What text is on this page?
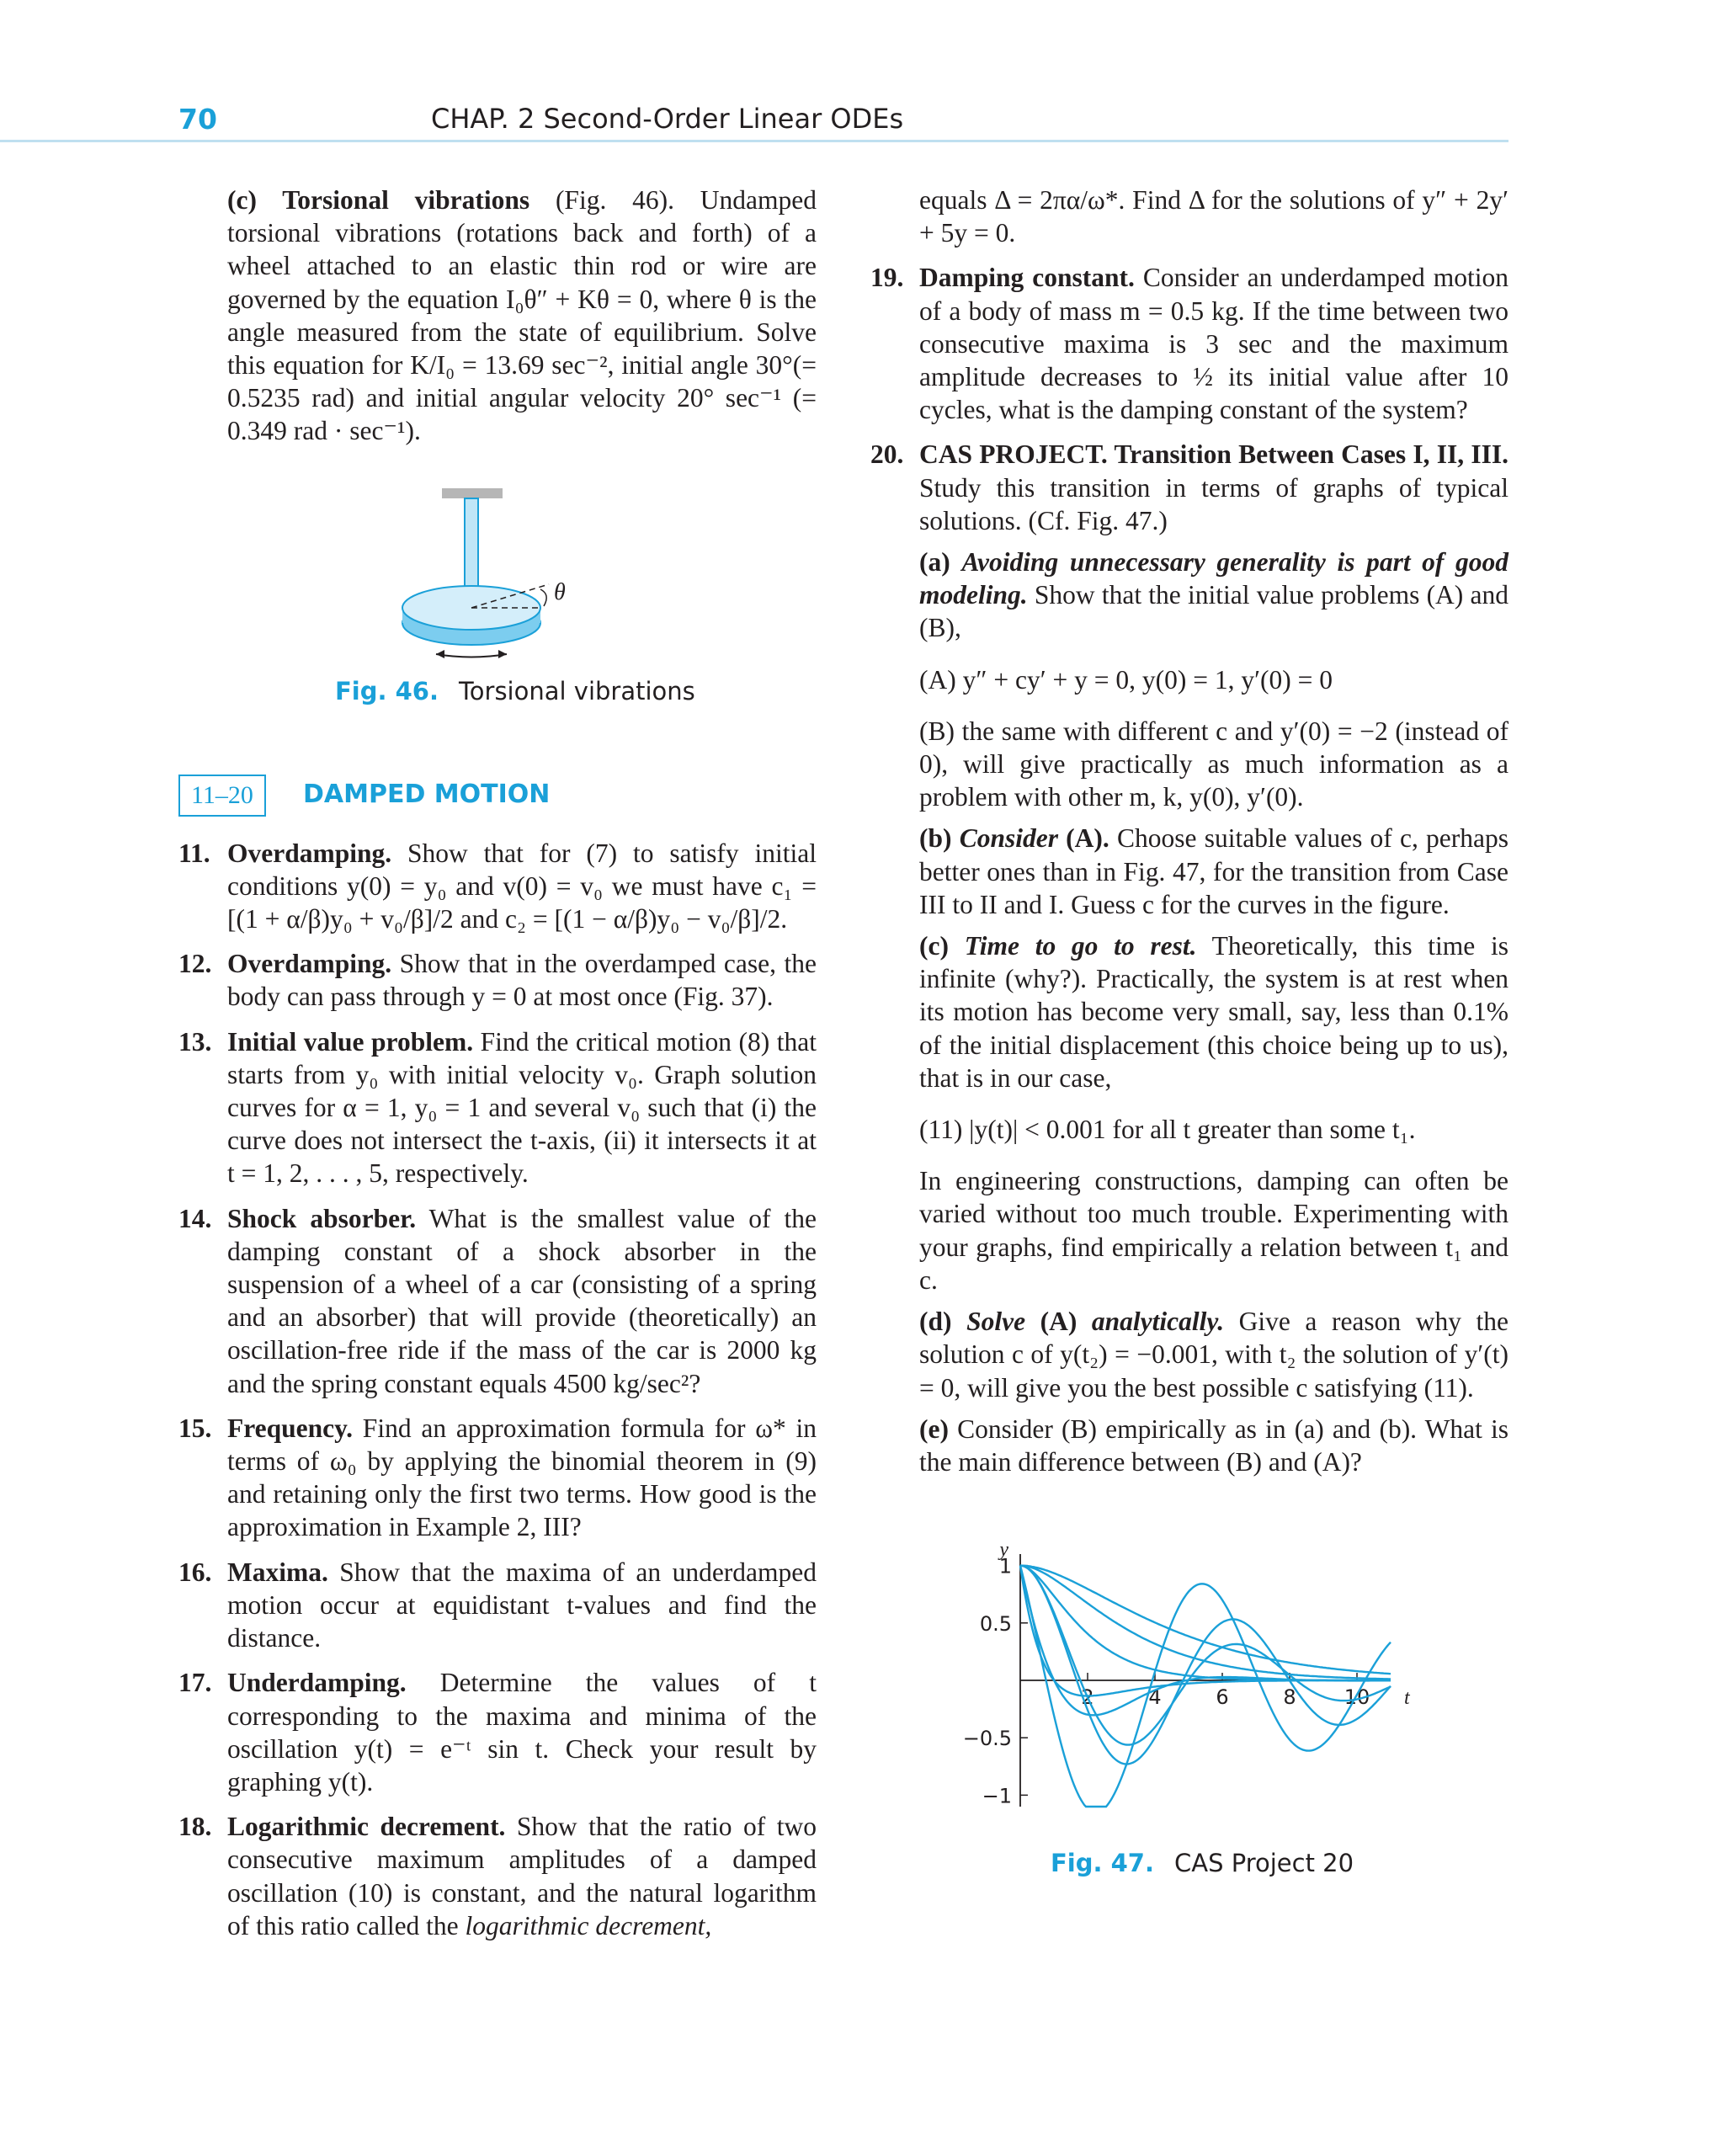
70	CHAP. 2 Second-Order Linear ODEs

(c) Torsional vibrations (Fig. 46). Undamped torsional vibrations (rotations back and forth) of a wheel attached to an elastic thin rod or wire are governed by the equation I₀θ″ + Kθ = 0, where θ is the angle measured from the state of equilibrium. Solve this equation for K/I₀ = 13.69 sec⁻², initial angle 30°(= 0.5235 rad) and initial angular velocity 20° sec⁻¹ (= 0.349 rad · sec⁻¹).

θ
Fig. 46. Torsional vibrations
11–20	DAMPED MOTION
11. Overdamping. Show that for (7) to satisfy initial conditions y(0) = y₀ and v(0) = v₀ we must have c₁ = [(1 + α/β)y₀ + v₀/β]/2 and c₂ = [(1 − α/β)y₀ − v₀/β]/2.
12. Overdamping. Show that in the overdamped case, the body can pass through y = 0 at most once (Fig. 37).
13. Initial value problem. Find the critical motion (8) that starts from y₀ with initial velocity v₀. Graph solution curves for α = 1, y₀ = 1 and several v₀ such that (i) the curve does not intersect the t-axis, (ii) it intersects it at t = 1, 2, . . . , 5, respectively.
14. Shock absorber. What is the smallest value of the damping constant of a shock absorber in the suspension of a wheel of a car (consisting of a spring and an absorber) that will provide (theoretically) an oscillation-free ride if the mass of the car is 2000 kg and the spring constant equals 4500 kg/sec²?
15. Frequency. Find an approximation formula for ω* in terms of ω₀ by applying the binomial theorem in (9) and retaining only the first two terms. How good is the approximation in Example 2, III?
16. Maxima. Show that the maxima of an underdamped motion occur at equidistant t-values and find the distance.
17. Underdamping. Determine the values of t corresponding to the maxima and minima of the oscillation y(t) = e⁻ᵗ sin t. Check your result by graphing y(t).
18. Logarithmic decrement. Show that the ratio of two consecutive maximum amplitudes of a damped oscillation (10) is constant, and the natural logarithm of this ratio called the logarithmic decrement,

equals Δ = 2πα/ω*. Find Δ for the solutions of y″ + 2y′ + 5y = 0.

19. Damping constant. Consider an underdamped motion of a body of mass m = 0.5 kg. If the time between two consecutive maxima is 3 sec and the maximum amplitude decreases to ½ its initial value after 10 cycles, what is the damping constant of the system?
20. CAS PROJECT. Transition Between Cases I, II, III. Study this transition in terms of graphs of typical solutions. (Cf. Fig. 47.)

(a) Avoiding unnecessary generality is part of good modeling. Show that the initial value problems (A) and (B),

(A) y″ + cy′ + y = 0, y(0) = 1, y′(0) = 0

(B) the same with different c and y′(0) = −2 (instead of 0), will give practically as much information as a problem with other m, k, y(0), y′(0).

(b) Consider (A). Choose suitable values of c, perhaps better ones than in Fig. 47, for the transition from Case III to II and I. Guess c for the curves in the figure.

(c) Time to go to rest. Theoretically, this time is infinite (why?). Practically, the system is at rest when its motion has become very small, say, less than 0.1% of the initial displacement (this choice being up to us), that is in our case,

(11) |y(t)| < 0.001 for all t greater than some t₁.

In engineering constructions, damping can often be varied without too much trouble. Experimenting with your graphs, find empirically a relation between t₁ and c.

(d) Solve (A) analytically. Give a reason why the solution c of y(t₂) = −0.001, with t₂ the solution of y′(t) = 0, will give you the best possible c satisfying (11).

(e) Consider (B) empirically as in (a) and (b). What is the main difference between (B) and (A)?

1
0.5
−0.5
−1
2	4	6	8 10
y
t
Fig. 47. CAS Project 20
